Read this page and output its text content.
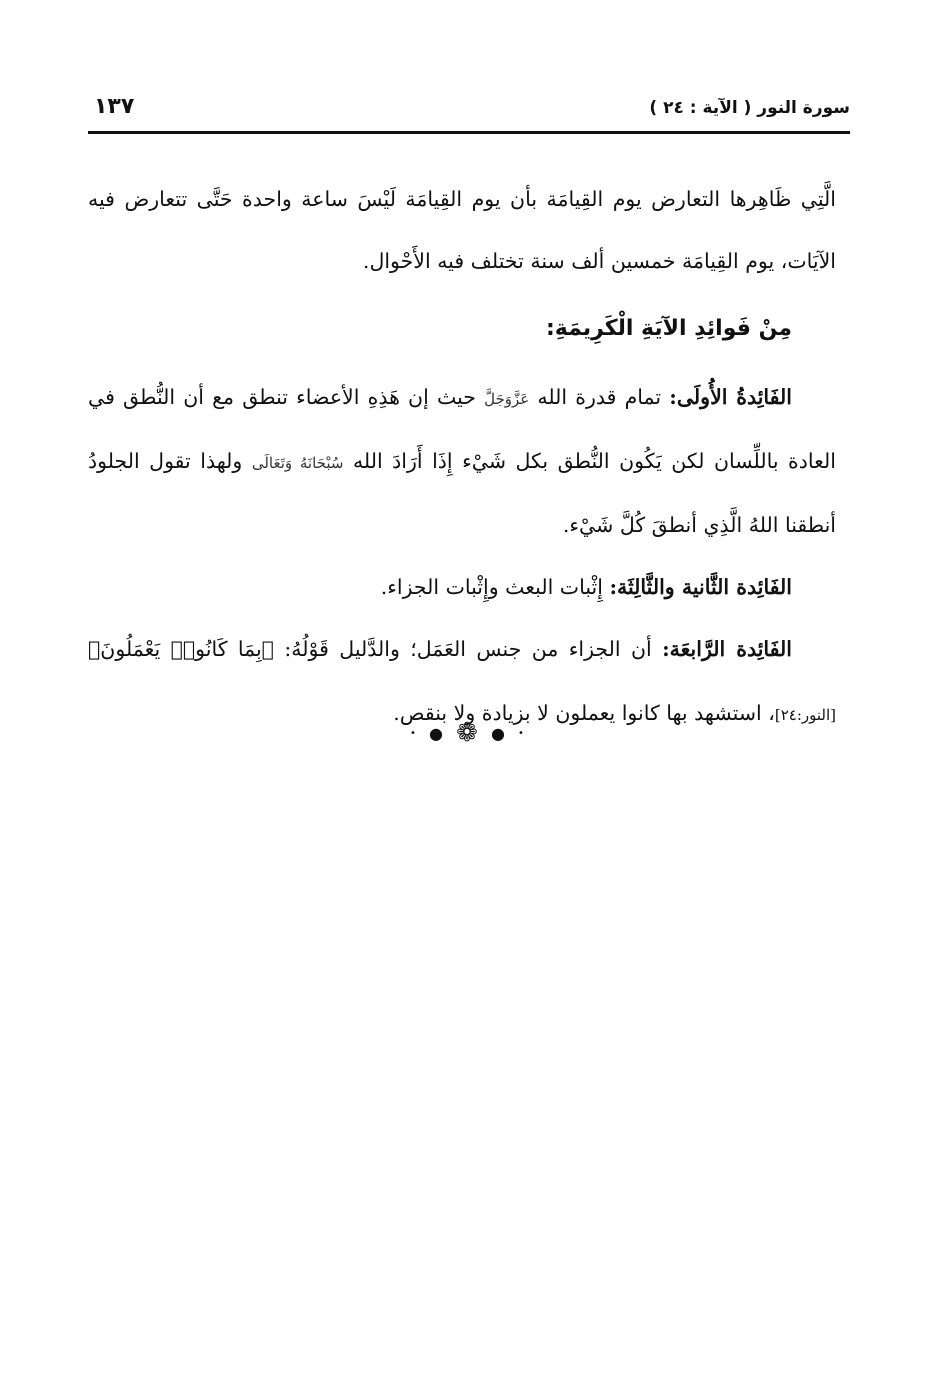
سورة النور ( الآية : ٢٤ )
١٣٧

الَّتِي ظَاهِرها التعارض يوم القِيامَة بأن يوم القِيامَة لَيْسَ ساعة واحدة حَتَّى تتعارض فيه الآيَات، يوم القِيامَة خمسين ألف سنة تختلف فيه الأَحْوال.

مِنْ فَوائِدِ الآيَةِ الْكَرِيمَةِ:

الفَائِدةُ الأُولَى: تمام قدرة الله عَزَّوَجَلَّ حيث إن هَذِهِ الأعضاء تنطق مع أن النُّطق في العادة باللِّسان لكن يَكُون النُّطق بكل شَيْء إِذَا أَرَادَ الله سُبْحَانَهُ وَتَعَالَى ولهذا تقول الجلودُ أنطقنا اللهُ الَّذِي أنطقَ كُلَّ شَيْء.

الفَائِدة الثَّانية والثَّالِثَة: إِثْبات البعث وإِثْبات الجزاء.

الفَائِدة الرَّابعَة: أن الجزاء من جنس العَمَل؛ والدَّليل قَوْلُهُ: ﴿بِمَا كَانُوا۟ يَعْمَلُونَ﴾ [النور:٢٤]، استشهد بها كانوا يعملون لا بزيادة ولا بنقص.

• ● ❁ ● •
